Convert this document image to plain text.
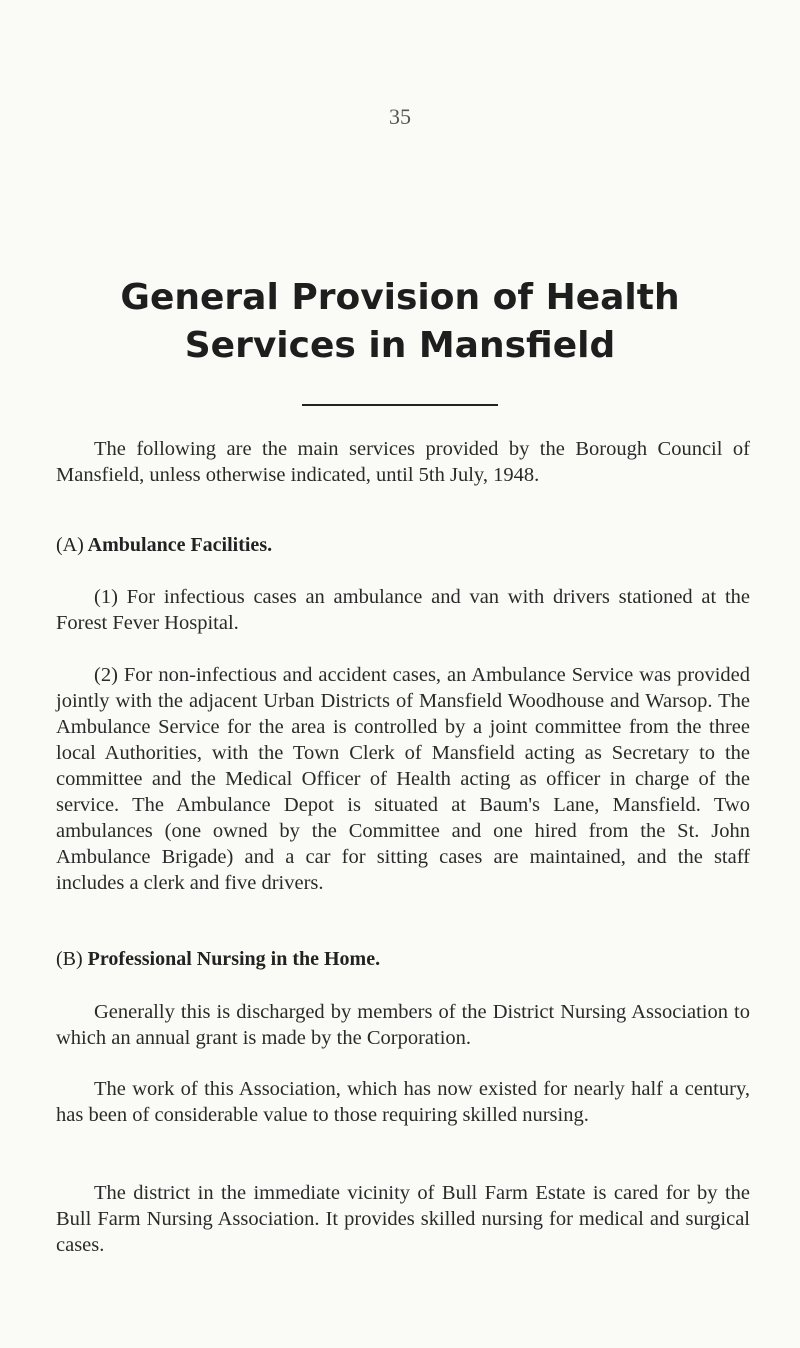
35

General Provision of Health
Services in Mansfield

The following are the main services provided by the Borough Council of Mansfield, unless otherwise indicated, until 5th July, 1948.

(A) Ambulance Facilities.

(1) For infectious cases an ambulance and van with drivers stationed at the Forest Fever Hospital.

(2) For non-infectious and accident cases, an Ambulance Service was provided jointly with the adjacent Urban Districts of Mansfield Woodhouse and Warsop. The Ambulance Service for the area is controlled by a joint committee from the three local Authorities, with the Town Clerk of Mansfield acting as Secretary to the committee and the Medical Officer of Health acting as officer in charge of the service. The Ambulance Depot is situated at Baum's Lane, Mansfield. Two ambulances (one owned by the Committee and one hired from the St. John Ambulance Brigade) and a car for sitting cases are maintained, and the staff includes a clerk and five drivers.

(B) Professional Nursing in the Home.

Generally this is discharged by members of the District Nursing Association to which an annual grant is made by the Corporation.

The work of this Association, which has now existed for nearly half a century, has been of considerable value to those requiring skilled nursing.

The district in the immediate vicinity of Bull Farm Estate is cared for by the Bull Farm Nursing Association. It provides skilled nursing for medical and surgical cases.
